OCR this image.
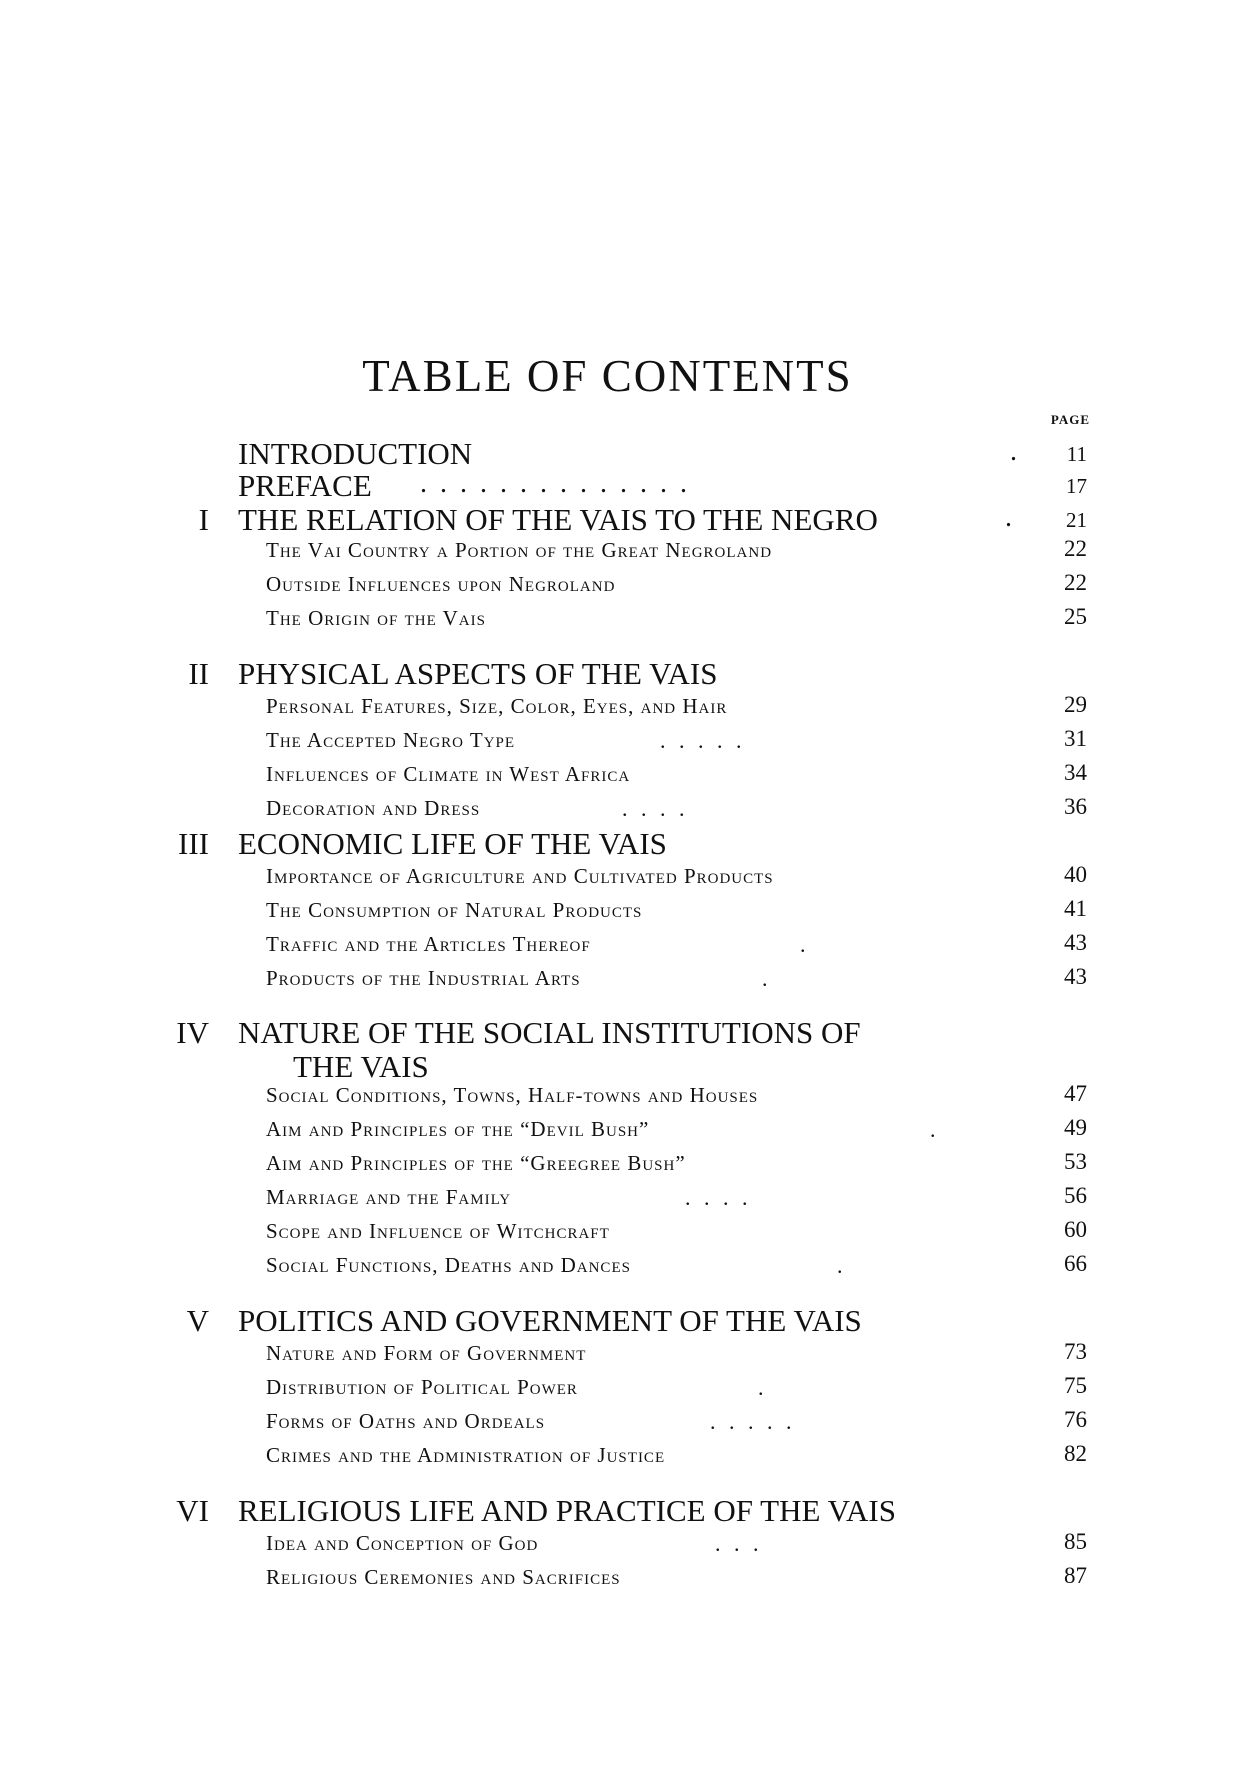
TABLE OF CONTENTS
PAGE
INTRODUCTION	. 11
PREFACE . . . . . . . . . . . . . .	17
I THE RELATION OF THE VAIS TO THE NEGRO	. 21
The Vai Country a Portion of the Great Negroland	22
Outside Influences upon Negroland	22
The Origin of the Vais	25
II PHYSICAL ASPECTS OF THE VAIS
Personal Features, Size, Color, Eyes, and Hair	29
The Accepted Negro Type	. . . . .	31
Influences of Climate in West Africa	34
Decoration and Dress	. . . .	36
III ECONOMIC LIFE OF THE VAIS
Importance of Agriculture and Cultivated Products	40
The Consumption of Natural Products	41
Traffic and the Articles Thereof	.	43
Products of the Industrial Arts	.	43
IV NATURE OF THE SOCIAL INSTITUTIONS OF
THE VAIS
Social Conditions, Towns, Half-towns and Houses	47
Aim and Principles of the “Devil Bush”	.	49
Aim and Principles of the “Greegree Bush”	53
Marriage and the Family	. . . .	56
Scope and Influence of Witchcraft	60
Social Functions, Deaths and Dances	.	66
V POLITICS AND GOVERNMENT OF THE VAIS
Nature and Form of Government	73
Distribution of Political Power	.	75
Forms of Oaths and Ordeals	. . . . .	76
Crimes and the Administration of Justice	82
VI RELIGIOUS LIFE AND PRACTICE OF THE VAIS
Idea and Conception of God	. . .	85
Religious Ceremonies and Sacrifices	87
